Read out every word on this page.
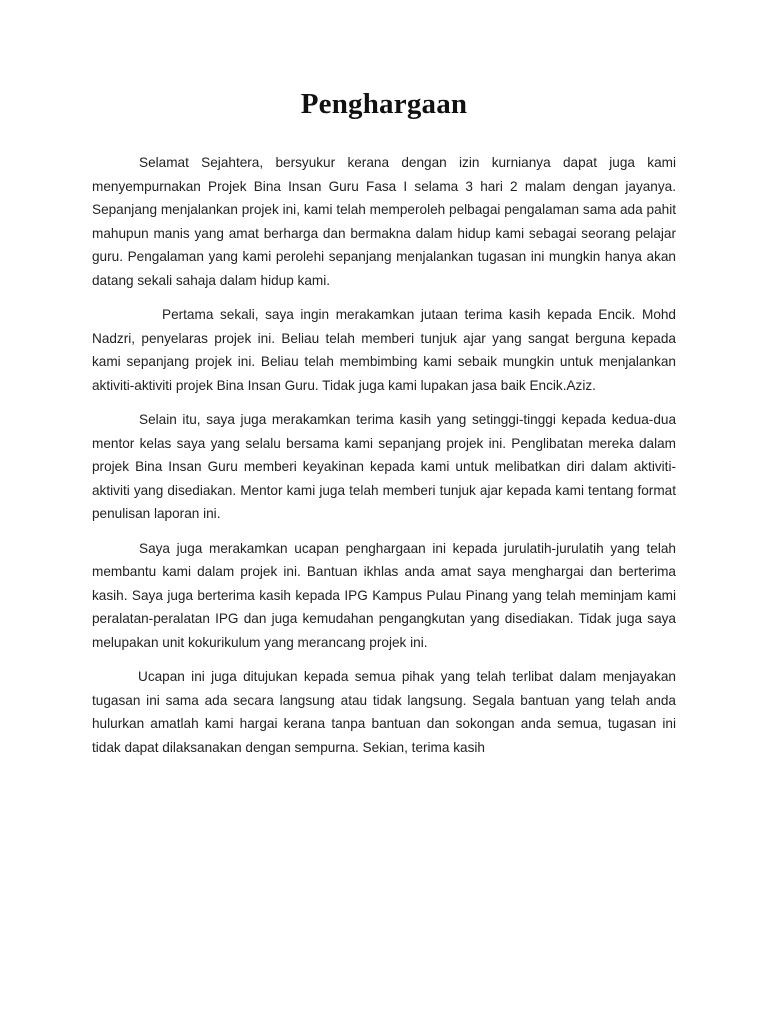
Penghargaan

Selamat Sejahtera, bersyukur kerana dengan izin kurnianya dapat juga kami menyempurnakan Projek Bina Insan Guru Fasa I selama 3 hari 2 malam dengan jayanya. Sepanjang menjalankan projek ini, kami telah memperoleh pelbagai pengalaman sama ada pahit mahupun manis yang amat berharga dan bermakna dalam hidup kami sebagai seorang pelajar guru. Pengalaman yang kami perolehi sepanjang menjalankan tugasan ini mungkin hanya akan datang sekali sahaja dalam hidup kami.

Pertama sekali, saya ingin merakamkan jutaan terima kasih kepada Encik. Mohd Nadzri, penyelaras projek ini. Beliau telah memberi tunjuk ajar yang sangat berguna kepada kami sepanjang projek ini. Beliau telah membimbing kami sebaik mungkin untuk menjalankan aktiviti-aktiviti projek Bina Insan Guru. Tidak juga kami lupakan jasa baik Encik.Aziz.

Selain itu, saya juga merakamkan terima kasih yang setinggi-tinggi kepada kedua-dua mentor kelas saya yang selalu bersama kami sepanjang projek ini. Penglibatan mereka dalam projek Bina Insan Guru memberi keyakinan kepada kami untuk melibatkan diri dalam aktiviti-aktiviti yang disediakan. Mentor kami juga telah memberi tunjuk ajar kepada kami tentang format penulisan laporan ini.

Saya juga merakamkan ucapan penghargaan ini kepada jurulatih-jurulatih yang telah membantu kami dalam projek ini. Bantuan ikhlas anda amat saya menghargai dan berterima kasih. Saya juga berterima kasih kepada IPG Kampus Pulau Pinang yang telah meminjam kami peralatan-peralatan IPG dan juga kemudahan pengangkutan yang disediakan. Tidak juga saya melupakan unit kokurikulum yang merancang projek ini.

Ucapan ini juga ditujukan kepada semua pihak yang telah terlibat dalam menjayakan tugasan ini sama ada secara langsung atau tidak langsung. Segala bantuan yang telah anda hulurkan amatlah kami hargai kerana tanpa bantuan dan sokongan anda semua, tugasan ini tidak dapat dilaksanakan dengan sempurna. Sekian, terima kasih
